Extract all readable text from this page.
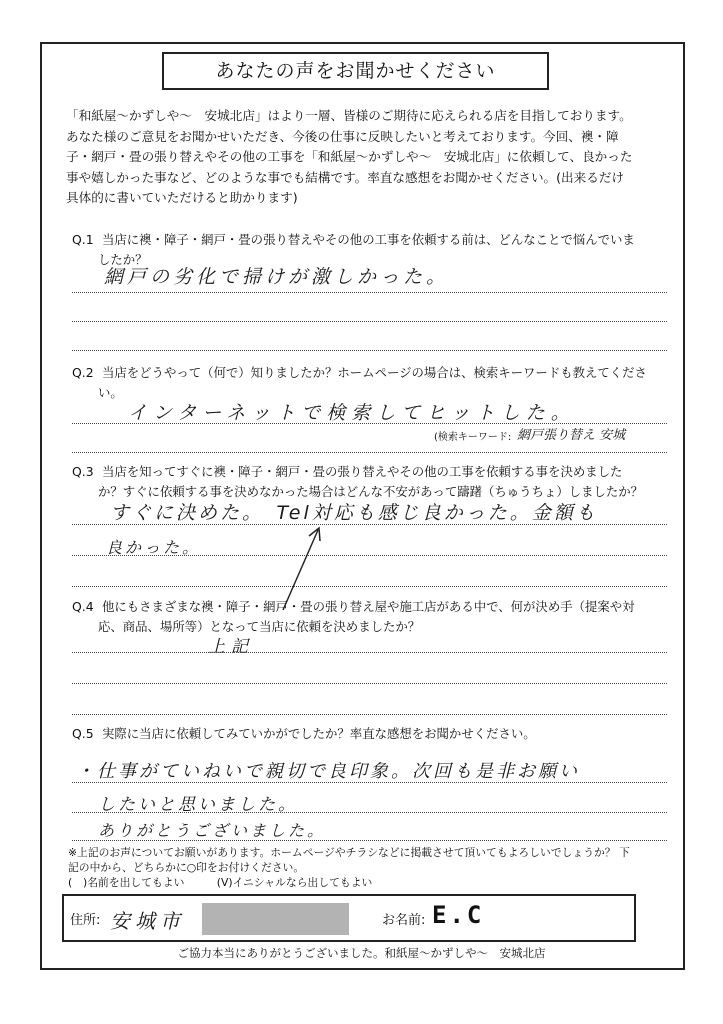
あなたの声をお聞かせください
「和紙屋～かずしや～　安城北店」はより一層、皆様のご期待に応えられる店を目指しております。
あなた様のご意見をお聞かせいただき、今後の仕事に反映したいと考えております。今回、襖・障
子・網戸・畳の張り替えやその他の工事を「和紙屋～かずしや～　安城北店」に依頼して、良かった
事や嬉しかった事など、どのような事でも結構です。率直な感想をお聞かせください。(出来るだけ
具体的に書いていただけると助かります)
Q.1 当店に襖・障子・網戸・畳の張り替えやその他の工事を依頼する前は、どんなことで悩んでいま
したか？
網戸の劣化で掃けが激しかった。
Q.2 当店をどうやって（何で）知りましたか？ホームページの場合は、検索キーワードも教えてくださ
い。
インターネットで検索してヒットした。
(検索キーワード: 網戸張り替え 安城
Q.3 当店を知ってすぐに襖・障子・網戸・畳の張り替えやその他の工事を依頼する事を決めました
か？すぐに依頼する事を決めなかった場合はどんな不安があって躊躇（ちゅうちょ）しましたか？
すぐに決めた。　Tel対応も感じ良かった。金額も
良かった。
Q.4 他にもさまざまな襖・障子・網戸・畳の張り替え屋や施工店がある中で、何が決め手（提案や対
応、商品、場所等）となって当店に依頼を決めましたか？
上記
Q.5 実際に当店に依頼してみていかがでしたか？率直な感想をお聞かせください。
・仕事がていねいで親切で良印象。次回も是非お願い
したいと思いました。
ありがとうございました。
※上記のお声についてお願いがあります。ホームページやチラシなどに掲載させて頂いてもよろしいでしょうか？ 下
記の中から、どちらかに○印をお付けください。
(　)名前を出してもよい　　　(V)イニシャルなら出してもよい
住所: 安城市	お名前: E.C
ご協力本当にありがとうございました。和紙屋～かずしや～　安城北店
